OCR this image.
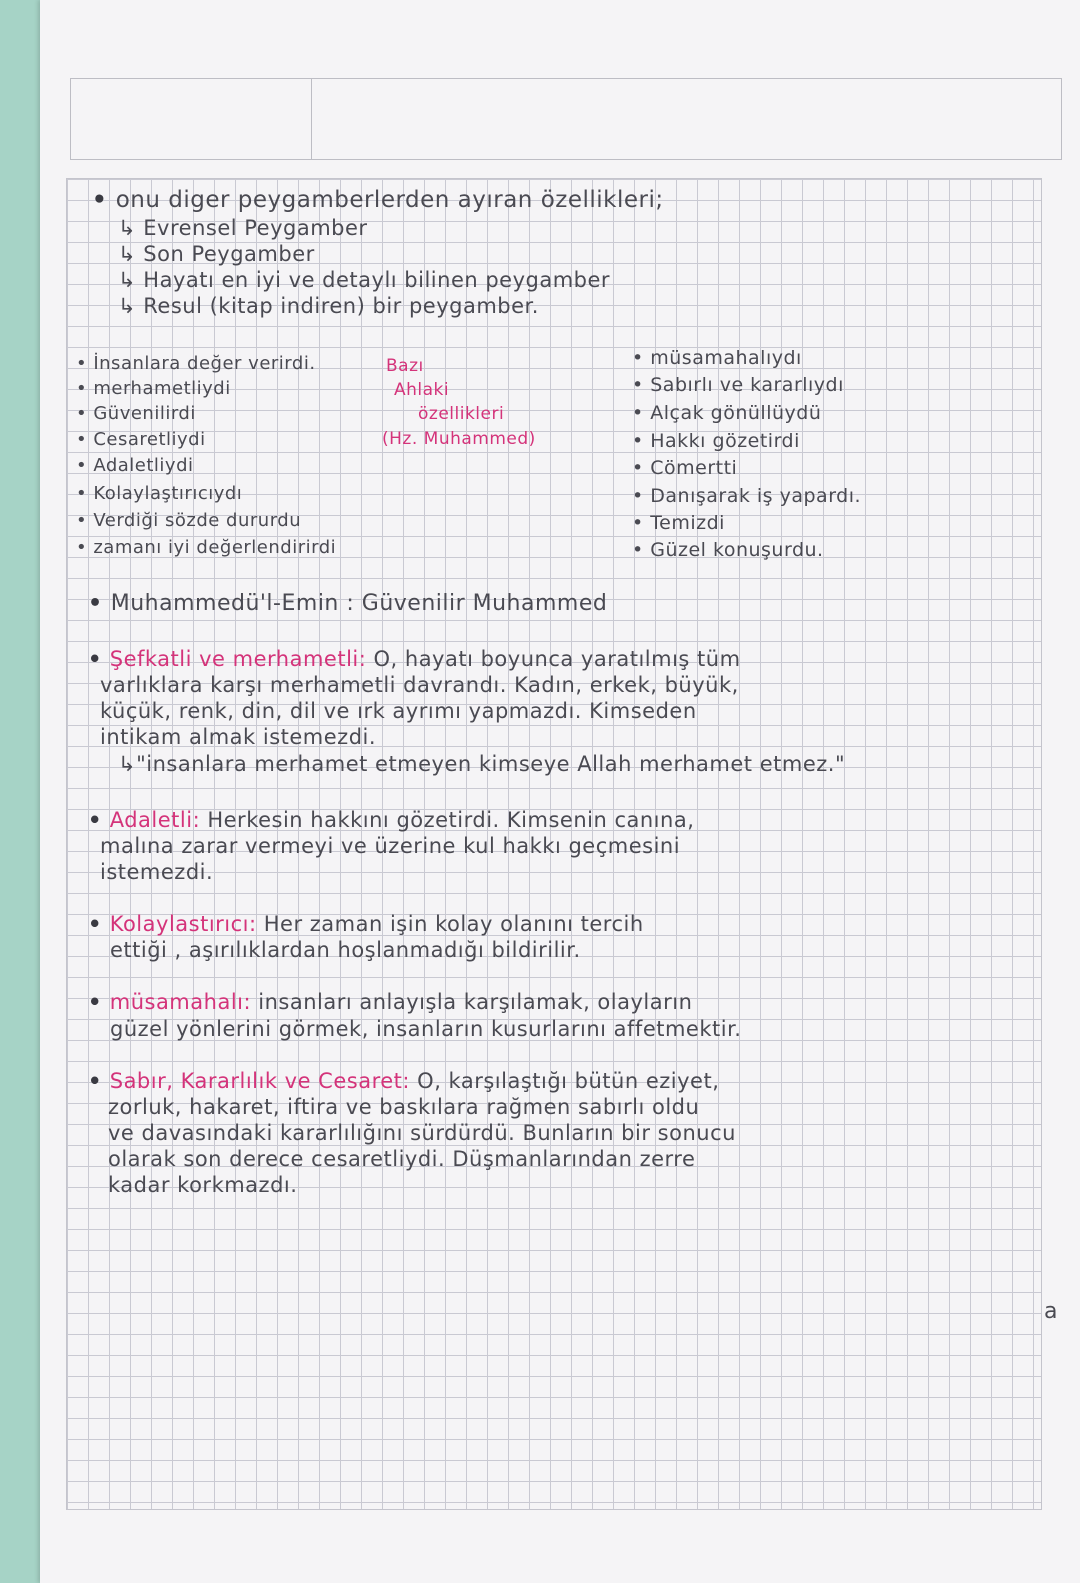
• onu diger peygamberlerden ayıran özellikleri;
↳ Evrensel Peygamber
↳ Son Peygamber
↳ Hayatı en iyi ve detaylı bilinen peygamber
↳ Resul (kitap indiren) bir peygamber.
• İnsanlara değer verirdi.
• merhametliydi
• Güvenilirdi
• Cesaretliydi
• Adaletliydi
• Kolaylaştırıcıydı
• Verdiği sözde dururdu
• zamanı iyi değerlendirirdi
Bazı
Ahlaki
özellikleri
(Hz. Muhammed)
• müsamahalıydı
• Sabırlı ve kararlıydı
• Alçak gönüllüydü
• Hakkı gözetirdi
• Cömertti
• Danışarak iş yapardı.
• Temizdi
• Güzel konuşurdu.
• Muhammedü'l-Emin : Güvenilir Muhammed
• Şefkatli ve merhametli: O, hayatı boyunca yaratılmış tüm
varlıklara karşı merhametli davrandı. Kadın, erkek, büyük,
küçük, renk, din, dil ve ırk ayrımı yapmazdı. Kimseden
intikam almak istemezdi.
↳"insanlara merhamet etmeyen kimseye Allah merhamet etmez."
• Adaletli: Herkesin hakkını gözetirdi. Kimsenin canına,
malına zarar vermeyi ve üzerine kul hakkı geçmesini
istemezdi.
• Kolaylastırıcı: Her zaman işin kolay olanını tercih
ettiği , aşırılıklardan hoşlanmadığı bildirilir.
• müsamahalı: insanları anlayışla karşılamak, olayların
güzel yönlerini görmek, insanların kusurlarını affetmektir.
• Sabır, Kararlılık ve Cesaret: O, karşılaştığı bütün eziyet,
zorluk, hakaret, iftira ve baskılara rağmen sabırlı oldu
ve davasındaki kararlılığını sürdürdü. Bunların bir sonucu
olarak son derece cesaretliydi. Düşmanlarından zerre
kadar korkmazdı.
a
